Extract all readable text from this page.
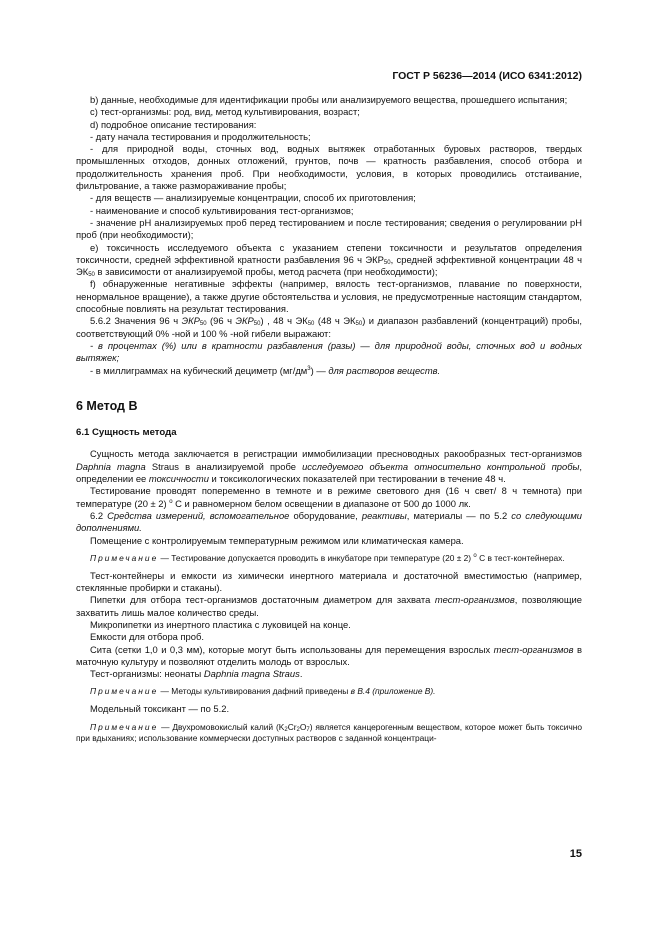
ГОСТ Р 56236—2014 (ИСО 6341:2012)

b) данные, необходимые для идентификации пробы или анализируемого вещества, прошедшего испытания;

c) тест-организмы: род, вид, метод культивирования, возраст;

d) подробное описание тестирования:

- дату начала тестирования и продолжительность;

- для природной воды, сточных вод, водных вытяжек отработанных буровых растворов, твердых промышленных отходов, донных отложений, грунтов, почв — кратность разбавления, способ отбора и продолжительность хранения проб. При необходимости, условия, в которых проводились отстаивание, фильтрование, а также размораживание пробы;

- для веществ — анализируемые концентрации, способ их приготовления;

- наименование и способ культивирования тест-организмов;

- значение pH анализируемых проб перед тестированием и после тестирования; сведения о регулировании pH проб (при необходимости);

e) токсичность исследуемого объекта с указанием степени токсичности и результатов определения токсичности, средней эффективной кратности разбавления 96 ч $ЭКР_{50}$, средней эффективной концентрации 48 ч $ЭК_{50}$ в зависимости от анализируемой пробы, метод расчета (при необходимости);

f) обнаруженные негативные эффекты (например, вялость тест-организмов, плавание по поверхности, ненормальное вращение), а также другие обстоятельства и условия, не предусмотренные настоящим стандартом, способные повлиять на результат тестирования.

5.6.2 Значения 96 ч $ЭКР_{50}$ (96 ч $ЭКР_{50}$) , 48 ч $ЭК_{50}$ (48 ч $ЭК_{50}$) и диапазон разбавлений (концентраций) пробы, соответствующий 0% -ной и 100 % -ной гибели выражают:

- в процентах (%) или в кратности разбавления (разы) — для природной воды, сточных вод и водных вытяжек;

- в миллиграммах на кубический дециметр $(мг/дм^3)$ — для растворов веществ.

6 Метод В
6.1 Сущность метода

Сущность метода заключается в регистрации иммобилизации пресноводных ракообразных тест-организмов Daphnia magna Straus в анализируемой пробе исследуемого объекта относительно контрольной пробы, определении ее токсичности и токсикологических показателей при тестировании в течение 48 ч.

Тестирование проводят попеременно в темноте и в режиме светового дня (16 ч свет/ 8 ч темнота) при температуре (20 ± 2) $^o$ С и равномерном белом освещении в диапазоне от 500 до 1000 лк.

6.2 Средства измерений, вспомогательное оборудование, реактивы, материалы — по 5.2 со следующими дополнениями.

Помещение с контролируемым температурным режимом или климатическая камера.

Примечание — Тестирование допускается проводить в инкубаторе при температуре (20 ± 2) $^o$ С в тест-контейнерах.

Тест-контейнеры и емкости из химически инертного материала и достаточной вместимостью (например, стеклянные пробирки и стаканы).

Пипетки для отбора тест-организмов достаточным диаметром для захвата тест-организмов, позволяющие захватить лишь малое количество среды.

Микропипетки из инертного пластика с луковицей на конце.

Емкости для отбора проб.

Сита (сетки 1,0 и 0,3 мм), которые могут быть использованы для перемещения взрослых тест-организмов в маточную культуру и позволяют отделить молодь от взрослых.

Тест-организмы: неонаты Daphnia magna Straus.

Примечание — Методы культивирования дафний приведены в В.4 (приложение В).

Модельный токсикант — по 5.2.

Примечание — Двухромовокислый калий $(K_2Cr_2O_7)$ является канцерогенным веществом, которое может быть токсично при вдыханиях; использование коммерчески доступных растворов с заданной концентраци-

15
